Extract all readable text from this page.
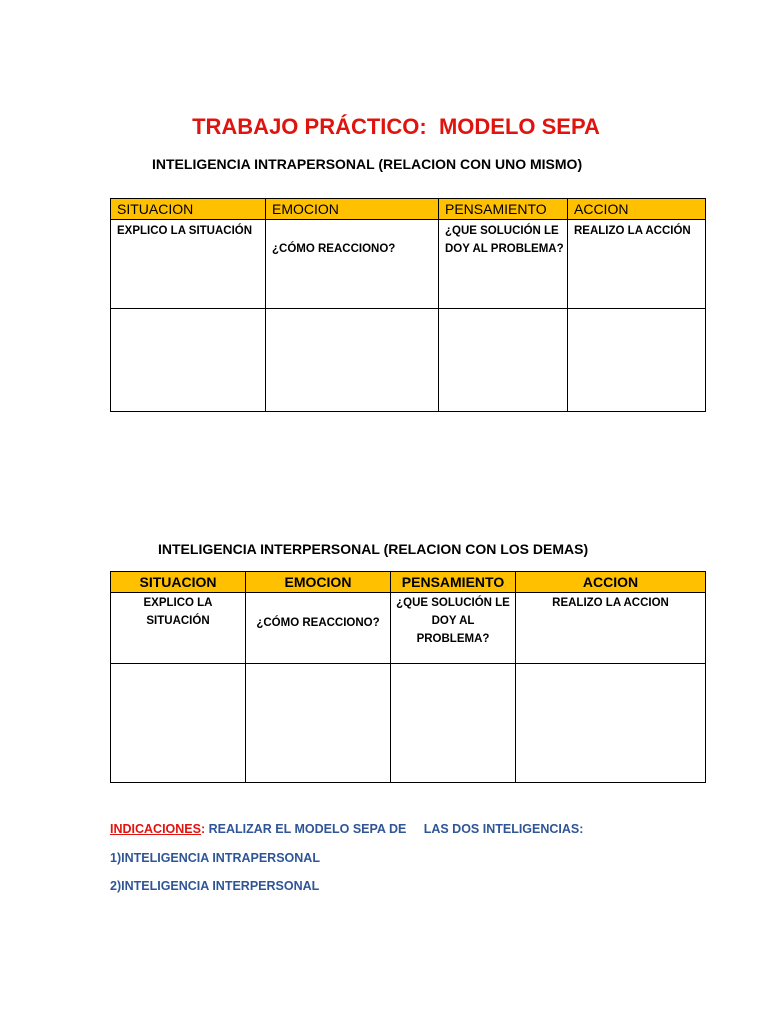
TRABAJO PRÁCTICO:  MODELO SEPA
INTELIGENCIA INTRAPERSONAL (RELACION CON UNO MISMO)
SITUACION	EMOCION	PENSAMIENTO	ACCION

EXPLICO LA SITUACIÓN	¿CÓMO REACCIONO?	¿QUE SOLUCIÓN LE DOY AL PROBLEMA?	REALIZO LA ACCIÓN

INTELIGENCIA INTERPERSONAL (RELACION CON LOS DEMAS)
SITUACION	EMOCION	PENSAMIENTO	ACCION

EXPLICO LA SITUACIÓN	¿CÓMO REACCIONO?	¿QUE SOLUCIÓN LE DOY AL PROBLEMA?	REALIZO LA ACCION

INDICACIONES: REALIZAR EL MODELO SEPA DE     LAS DOS INTELIGENCIAS:
1)INTELIGENCIA INTRAPERSONAL
2)INTELIGENCIA INTERPERSONAL
